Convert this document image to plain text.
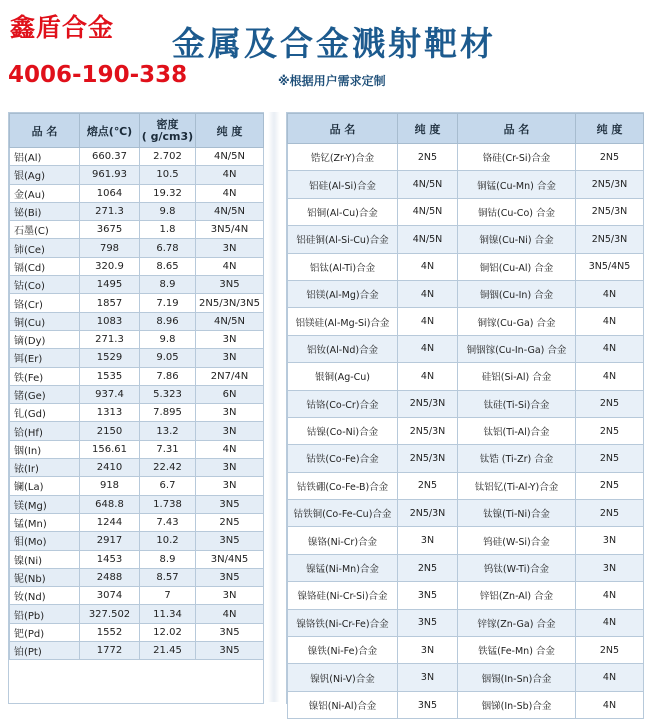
鑫盾合金
4006-190-338
金属及合金溅射靶材
※根据用户需求定制
品 名	熔点(℃)	密度
( g/cm3)	纯 度
铝(Al)	660.37	2.702	4N/5N
银(Ag)	961.93	10.5	4N
金(Au)	1064	19.32	4N
铋(Bi)	271.3	9.8	4N/5N
石墨(C)	3675	1.8	3N5/4N
铈(Ce)	798	6.78	3N
镉(Cd)	320.9	8.65	4N
钴(Co)	1495	8.9	3N5
铬(Cr)	1857	7.19	2N5/3N/3N5
铜(Cu)	1083	8.96	4N/5N
镝(Dy)	271.3	9.8	3N
铒(Er)	1529	9.05	3N
铁(Fe)	1535	7.86	2N7/4N
锗(Ge)	937.4	5.323	6N
钆(Gd)	1313	7.895	3N
铪(Hf)	2150	13.2	3N
铟(In)	156.61	7.31	4N
铱(Ir)	2410	22.42	3N
镧(La)	918	6.7	3N
镁(Mg)	648.8	1.738	3N5
锰(Mn)	1244	7.43	2N5
钼(Mo)	2917	10.2	3N5
镍(Ni)	1453	8.9	3N/4N5
铌(Nb)	2488	8.57	3N5
钕(Nd)	3074	7	3N
铅(Pb)	327.502	11.34	4N
钯(Pd)	1552	12.02	3N5
铂(Pt)	1772	21.45	3N5
品 名	纯 度	品 名	纯 度
锆钇(Zr-Y)合金	2N5	铬硅(Cr-Si)合金	2N5
铝硅(Al-Si)合金	4N/5N	铜锰(Cu-Mn) 合金	2N5/3N
铝铜(Al-Cu)合金	4N/5N	铜钴(Cu-Co) 合金	2N5/3N
铝硅铜(Al-Si-Cu)合金	4N/5N	铜镍(Cu-Ni) 合金	2N5/3N
铝钛(Al-Ti)合金	4N	铜铝(Cu-Al) 合金	3N5/4N5
铝镁(Al-Mg)合金	4N	铜铟(Cu-In) 合金	4N
铝镁硅(Al-Mg-Si)合金	4N	铜镓(Cu-Ga) 合金	4N
铝钕(Al-Nd)合金	4N	铜铟镓(Cu-In-Ga) 合金	4N
银铜(Ag-Cu)	4N	硅铝(Si-Al) 合金	4N
钴铬(Co-Cr)合金	2N5/3N	钛硅(Ti-Si)合金	2N5
钴镍(Co-Ni)合金	2N5/3N	钛铝(Ti-Al)合金	2N5
钴铁(Co-Fe)合金	2N5/3N	钛锆 (Ti-Zr) 合金	2N5
钴铁硼(Co-Fe-B)合金	2N5	钛铝钇(Ti-Al-Y)合金	2N5
钴铁铜(Co-Fe-Cu)合金	2N5/3N	钛镍(Ti-Ni)合金	2N5
镍铬(Ni-Cr)合金	3N	钨硅(W-Si)合金	3N
镍锰(Ni-Mn)合金	2N5	钨钛(W-Ti)合金	3N
镍铬硅(Ni-Cr-Si)合金	3N5	锌铝(Zn-Al) 合金	4N
镍铬铁(Ni-Cr-Fe)合金	3N5	锌镓(Zn-Ga) 合金	4N
镍铁(Ni-Fe)合金	3N	铁锰(Fe-Mn) 合金	2N5
镍钒(Ni-V)合金	3N	铟锡(In-Sn)合金	4N
镍铝(Ni-Al)合金	3N5	铟锑(In-Sb)合金	4N
